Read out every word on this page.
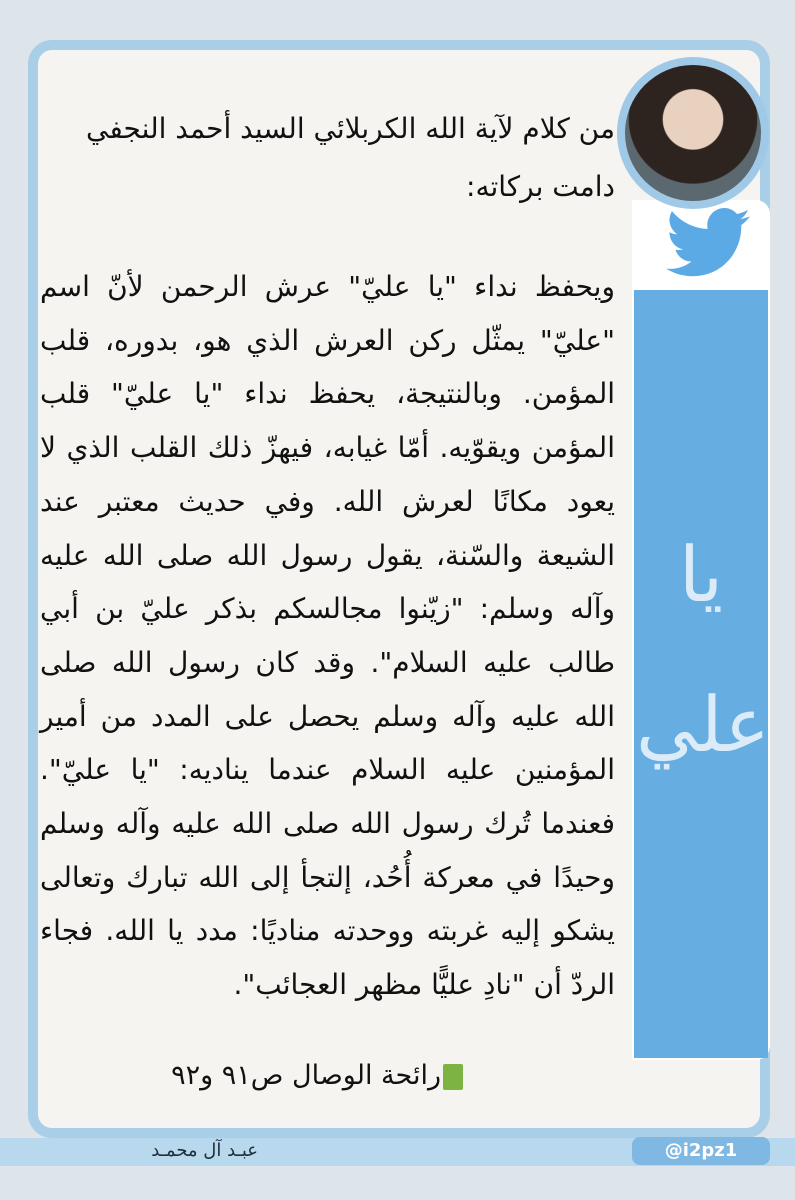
يا علي
من كلام لآية الله الكربلائي السيد أحمد النجفي دامت بركاته:
ويحفظ نداء "يا عليّ" عرش الرحمن لأنّ اسم "عليّ" يمثّل ركن العرش الذي هو، بدوره، قلب المؤمن. وبالنتيجة، يحفظ نداء "يا عليّ" قلب المؤمن ويقوّيه. أمّا غيابه، فيهزّ ذلك القلب الذي لا يعود مكانًا لعرش الله. وفي حديث معتبر عند الشيعة والسّنة، يقول رسول الله صلى الله عليه وآله وسلم: "زيّنوا مجالسكم بذكر عليّ بن أبي طالب عليه السلام". وقد كان رسول الله صلى الله عليه وآله وسلم يحصل على المدد من أمير المؤمنين عليه السلام عندما يناديه: "يا عليّ". فعندما تُرك رسول الله صلى الله عليه وآله وسلم وحيدًا في معركة أُحُد، إلتجأ إلى الله تبارك وتعالى يشكو إليه غربته ووحدته مناديًا: مدد يا الله. فجاء الردّ أن "نادِ عليًّا مظهر العجائب".
رائحة الوصال ص٩١ و٩٢
عبـد آل محمـد	@i2pz1
